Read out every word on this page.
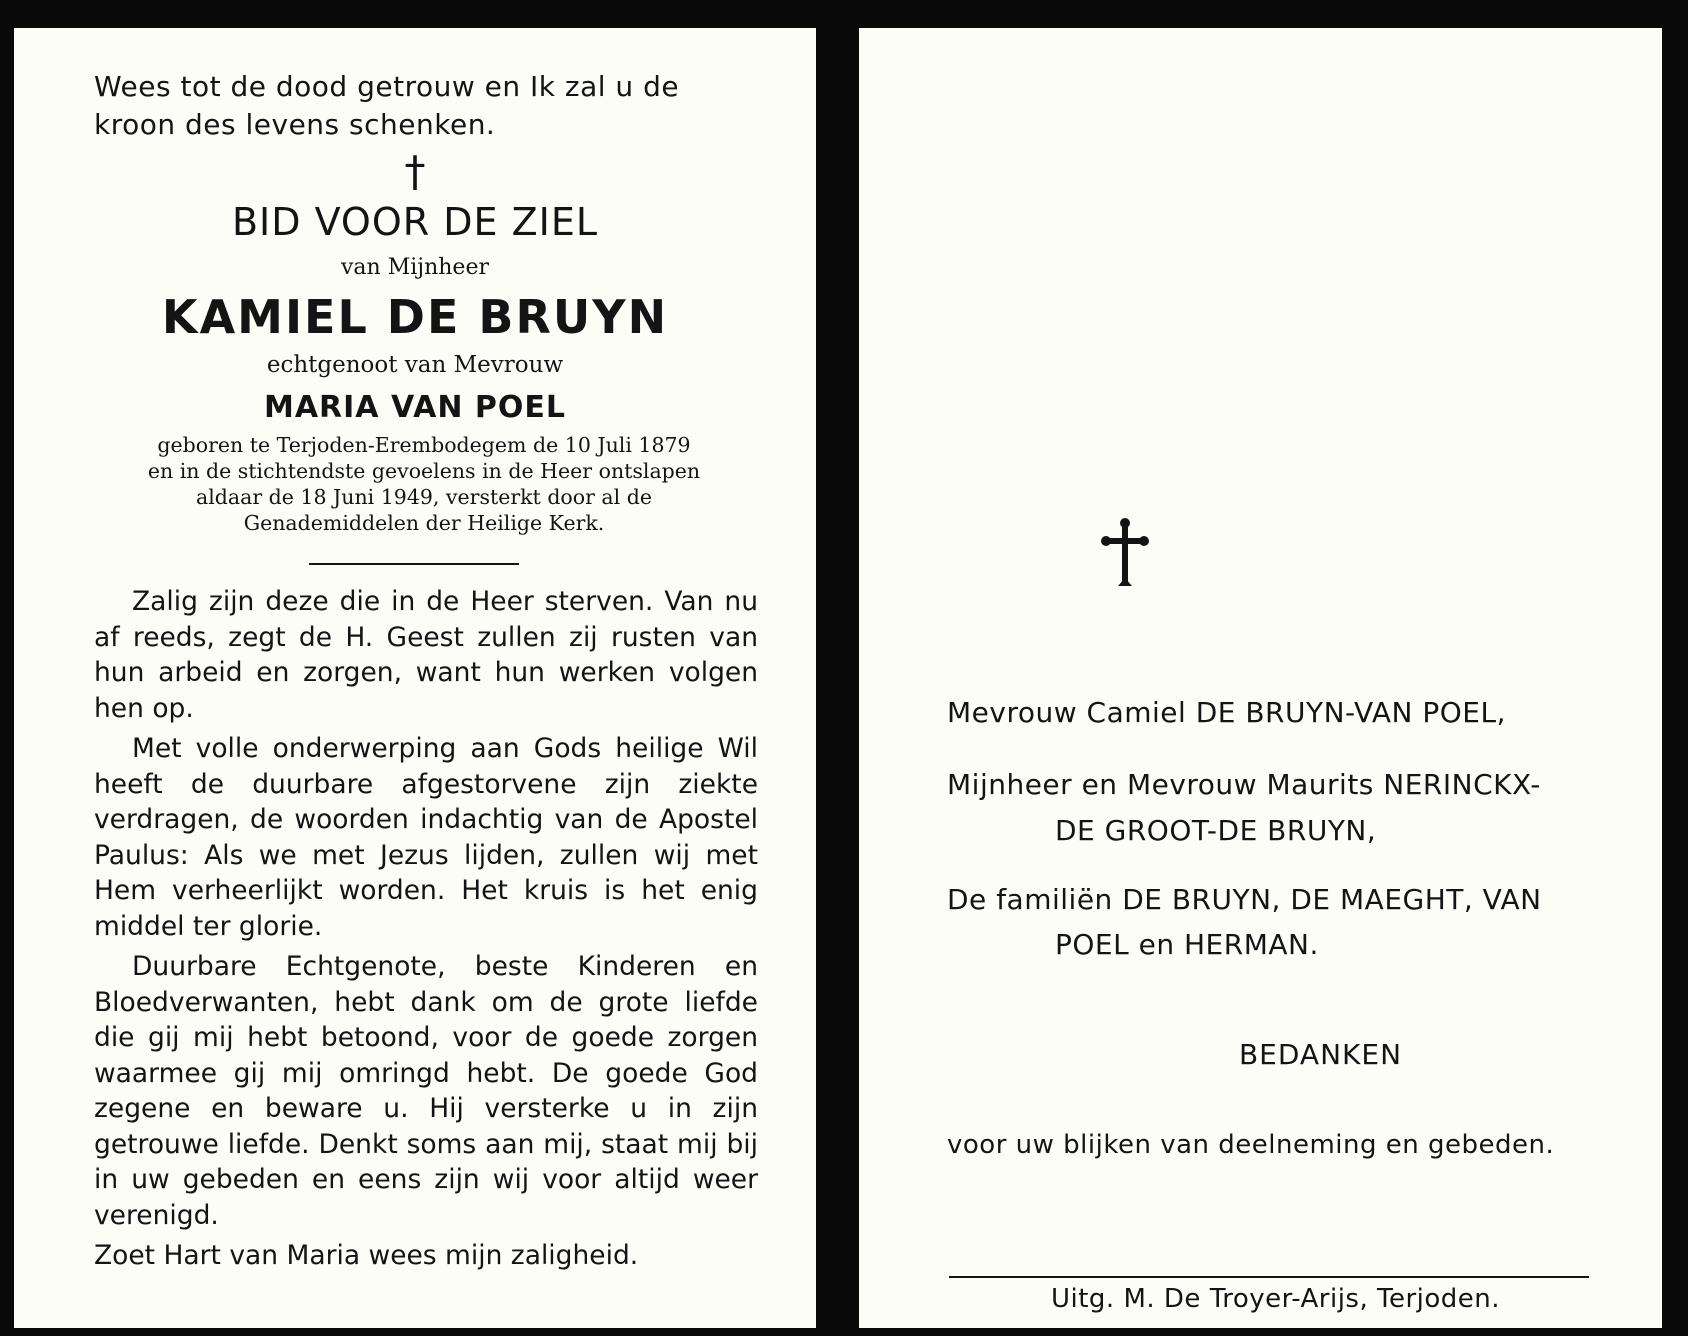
Wees tot de dood getrouw en Ik zal u de kroon des levens schenken.
†
BID VOOR DE ZIEL
van Mijnheer
KAMIEL DE BRUYN
echtgenoot van Mevrouw
MARIA VAN POEL
geboren te Terjoden-Erembodegem de 10 Juli 1879
en in de stichtendste gevoelens in de Heer ontslapen
aldaar de 18 Juni 1949, versterkt door al de
Genademiddelen der Heilige Kerk.

Zalig zijn deze die in de Heer sterven. Van nu af reeds, zegt de H. Geest zullen zij rusten van hun arbeid en zorgen, want hun werken volgen hen op.

Met volle onderwerping aan Gods heilige Wil heeft de duurbare afgestorvene zijn ziekte verdragen, de woorden indachtig van de Apostel Paulus: Als we met Jezus lijden, zullen wij met Hem verheerlijkt worden. Het kruis is het enig middel ter glorie.

Duurbare Echtgenote, beste Kinderen en Bloedverwanten, hebt dank om de grote liefde die gij mij hebt betoond, voor de goede zorgen waarmee gij mij omringd hebt. De goede God zegene en beware u. Hij versterke u in zijn getrouwe liefde. Denkt soms aan mij, staat mij bij in uw gebeden en eens zijn wij voor altijd weer verenigd.

Zoet Hart van Maria wees mijn zaligheid.

Mevrouw Camiel DE BRUYN-VAN POEL,
Mijnheer en Mevrouw Maurits NERINCKX-
DE GROOT-DE BRUYN,
De familiën DE BRUYN, DE MAEGHT, VAN
POEL en HERMAN.
BEDANKEN
voor uw blijken van deelneming en gebeden.
Uitg. M. De Troyer-Arijs, Terjoden.
